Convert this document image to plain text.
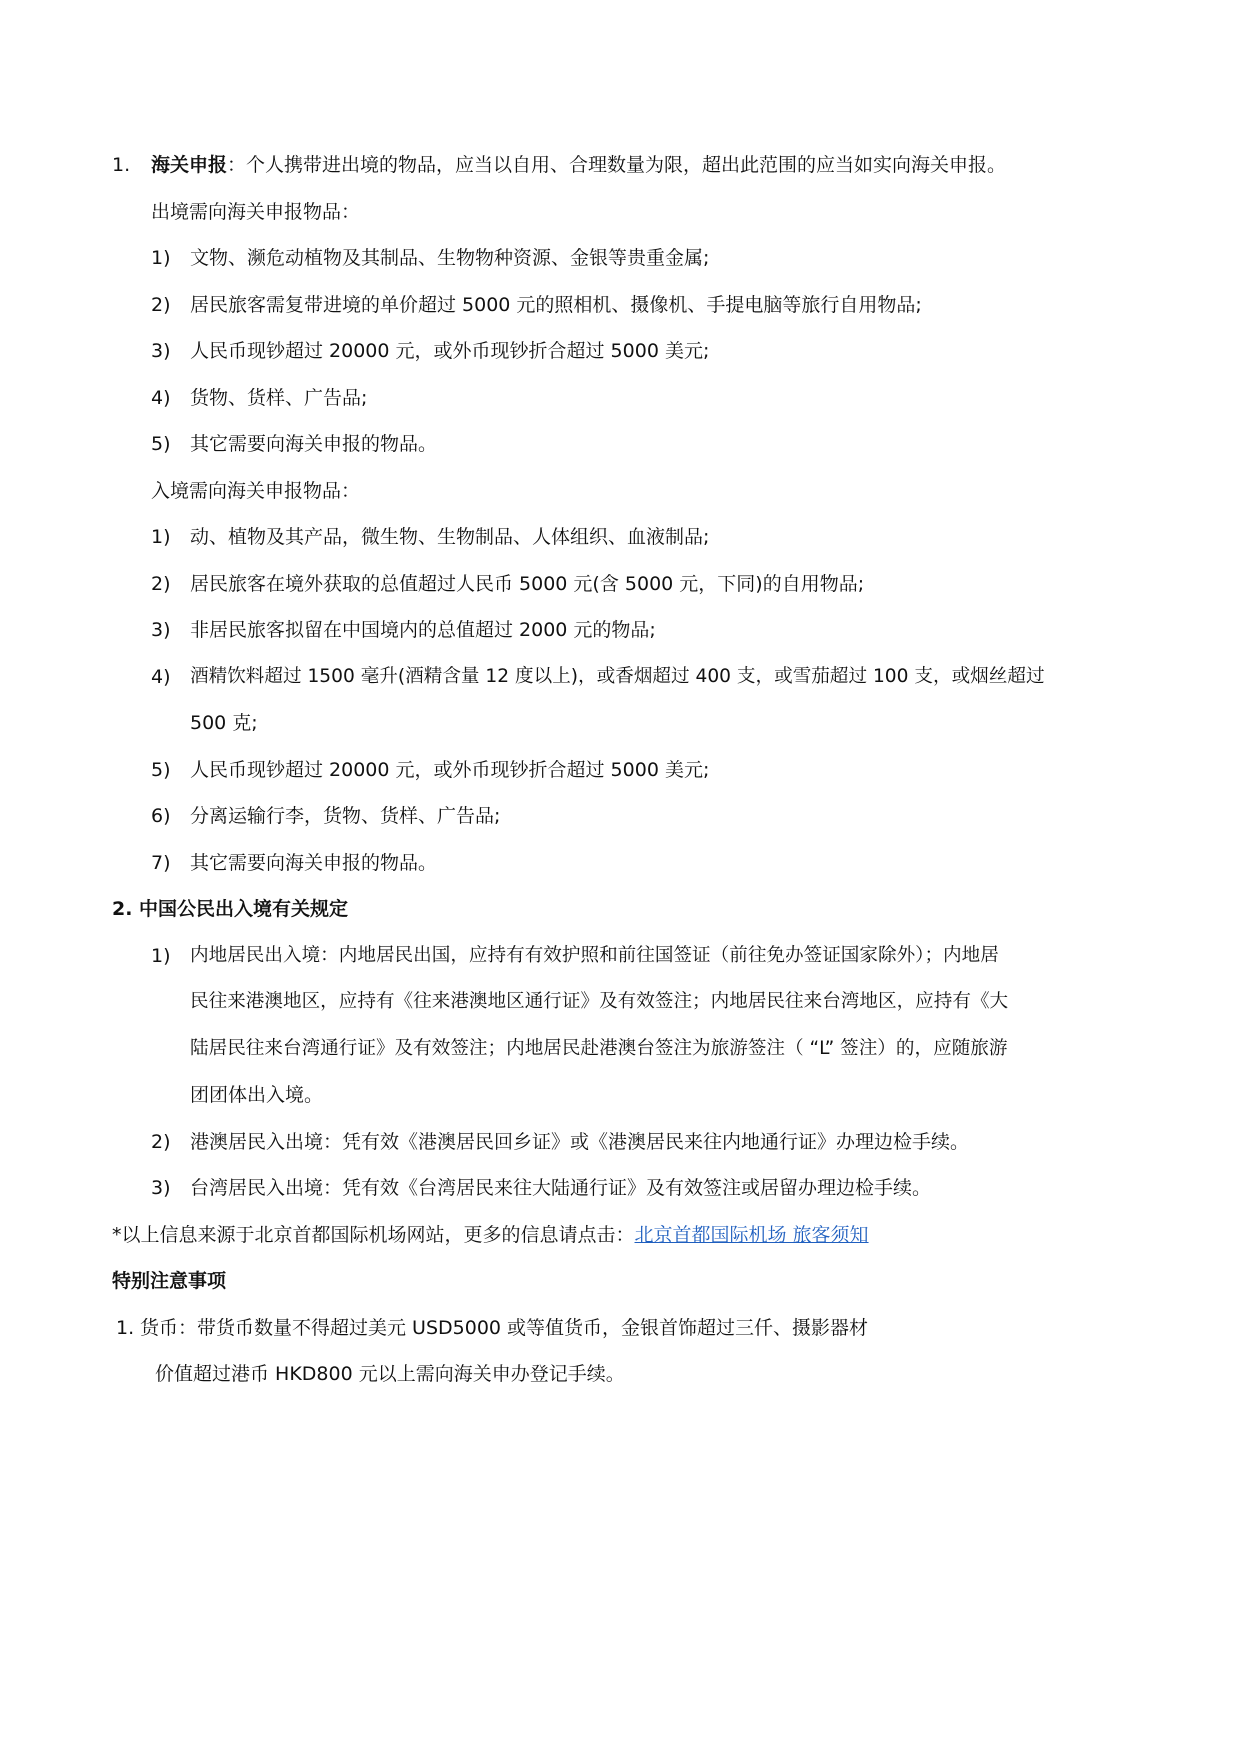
1. 海关申报：个人携带进出境的物品，应当以自用、合理数量为限，超出此范围的应当如实向海关申报。
出境需向海关申报物品：
1) 文物、濒危动植物及其制品、生物物种资源、金银等贵重金属;
2) 居民旅客需复带进境的单价超过 5000 元的照相机、摄像机、手提电脑等旅行自用物品;
3) 人民币现钞超过 20000 元，或外币现钞折合超过 5000 美元;
4) 货物、货样、广告品;
5) 其它需要向海关申报的物品。
入境需向海关申报物品：
1) 动、植物及其产品，微生物、生物制品、人体组织、血液制品;
2) 居民旅客在境外获取的总值超过人民币 5000 元(含 5000 元，下同)的自用物品;
3) 非居民旅客拟留在中国境内的总值超过 2000 元的物品;
4) 酒精饮料超过 1500 毫升(酒精含量 12 度以上)，或香烟超过 400 支，或雪茄超过 100 支，或烟丝超过
500 克;
5) 人民币现钞超过 20000 元，或外币现钞折合超过 5000 美元;
6) 分离运输行李，货物、货样、广告品;
7) 其它需要向海关申报的物品。
2. 中国公民出入境有关规定
1) 内地居民出入境：内地居民出国，应持有有效护照和前往国签证（前往免办签证国家除外）；内地居
民往来港澳地区，应持有《往来港澳地区通行证》及有效签注；内地居民往来台湾地区，应持有《大
陆居民往来台湾通行证》及有效签注；内地居民赴港澳台签注为旅游签注（ “L” 签注）的，应随旅游
团团体出入境。
2) 港澳居民入出境：凭有效《港澳居民回乡证》或《港澳居民来往内地通行证》办理边检手续。
3) 台湾居民入出境：凭有效《台湾居民来往大陆通行证》及有效签注或居留办理边检手续。
*以上信息来源于北京首都国际机场网站，更多的信息请点击：北京首都国际机场 旅客须知
特别注意事项
1. 货币：带货币数量不得超过美元 USD5000 或等值货币，金银首饰超过三仟、摄影器材
价值超过港币 HKD800 元以上需向海关申办登记手续。
